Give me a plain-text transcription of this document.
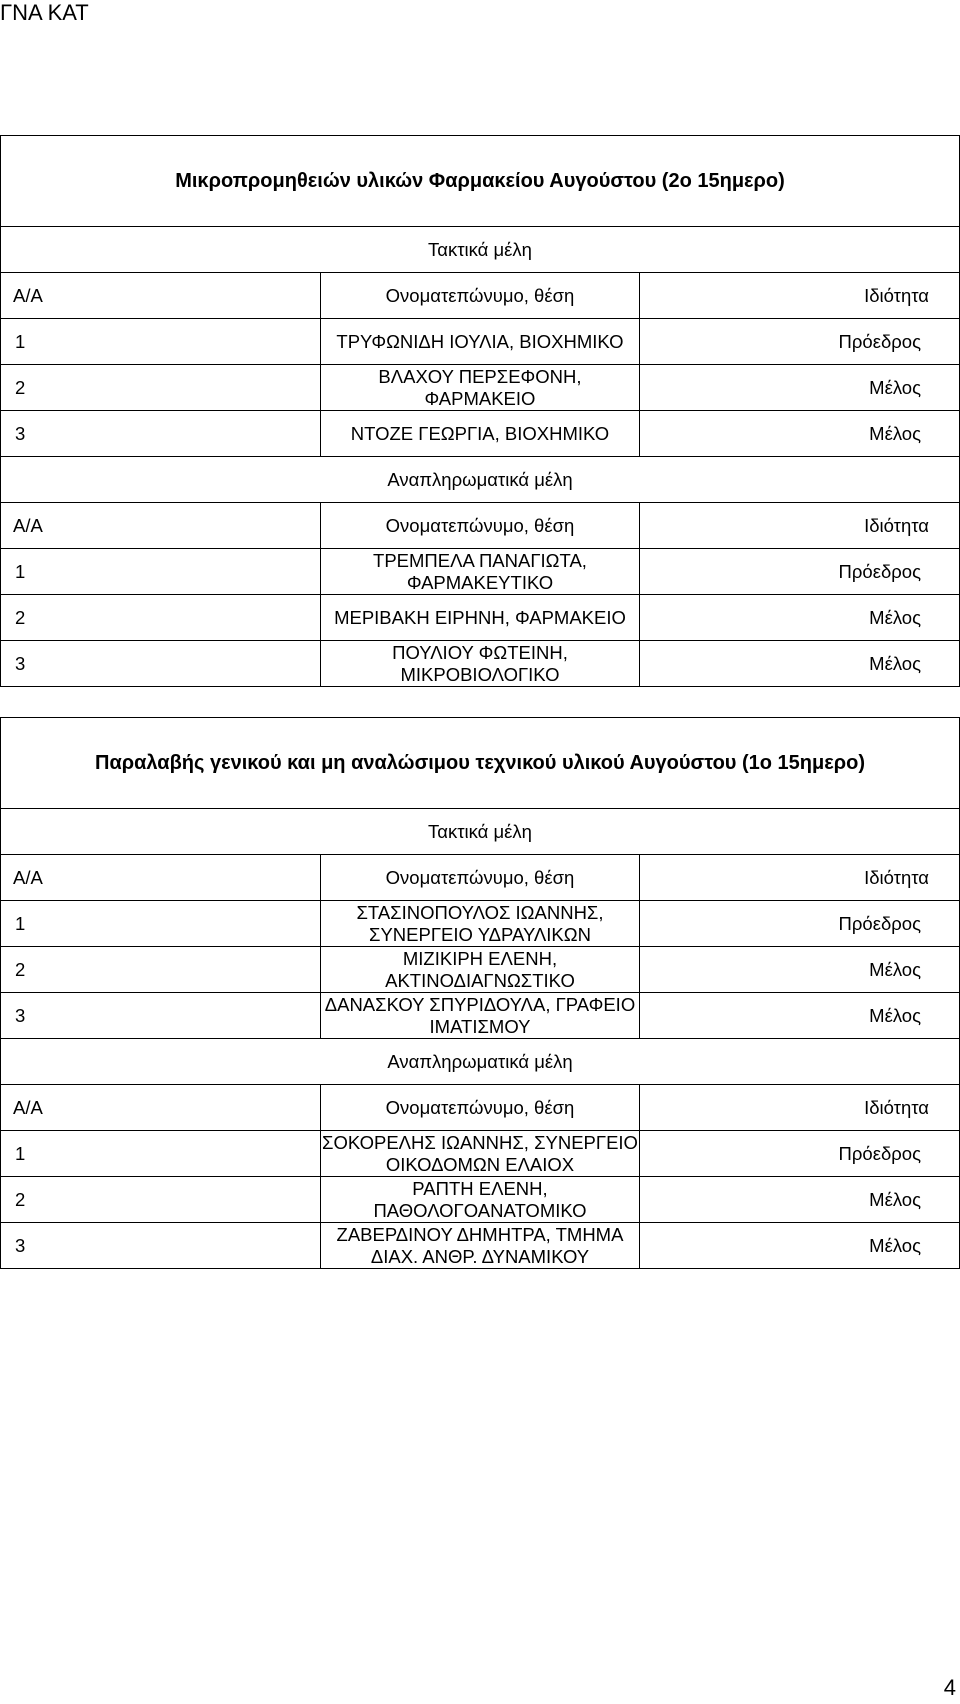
ΓΝΑ ΚΑΤ
Μικροπρομηθειών υλικών Φαρμακείου Αυγούστου (2ο 15ημερο)		
Τακτικά μέλη		
Α/Α	Ονοματεπώνυμο, θέση	Ιδιότητα
1	ΤΡΥΦΩΝΙΔΗ ΙΟΥΛΙΑ, ΒΙΟΧΗΜΙΚΟ	Πρόεδρος
2	ΒΛΑΧΟΥ ΠΕΡΣΕΦΟΝΗ, ΦΑΡΜΑΚΕΙΟ	Μέλος
3	ΝΤΟΖΕ ΓΕΩΡΓΙΑ, ΒΙΟΧΗΜΙΚΟ	Μέλος
Αναπληρωματικά μέλη		
Α/Α	Ονοματεπώνυμο, θέση	Ιδιότητα
1	ΤΡΕΜΠΕΛΑ ΠΑΝΑΓΙΩΤΑ, ΦΑΡΜΑΚΕΥΤΙΚΟ	Πρόεδρος
2	ΜΕΡΙΒΑΚΗ ΕΙΡΗΝΗ, ΦΑΡΜΑΚΕΙΟ	Μέλος
3	ΠΟΥΛΙΟΥ ΦΩΤΕΙΝΗ, ΜΙΚΡΟΒΙΟΛΟΓΙΚΟ	Μέλος
Παραλαβής γενικού και μη αναλώσιμου τεχνικού υλικού Αυγούστου (1ο 15ημερο)		
Τακτικά μέλη		
Α/Α	Ονοματεπώνυμο, θέση	Ιδιότητα
1	ΣΤΑΣΙΝΟΠΟΥΛΟΣ ΙΩΑΝΝΗΣ, ΣΥΝΕΡΓΕΙΟ ΥΔΡΑΥΛΙΚΩΝ	Πρόεδρος
2	ΜΙΖΙΚΙΡΗ ΕΛΕΝΗ, ΑΚΤΙΝΟΔΙΑΓΝΩΣΤΙΚΟ	Μέλος
3	ΔΑΝΑΣΚΟΥ ΣΠΥΡΙΔΟΥΛΑ, ΓΡΑΦΕΙΟ ΙΜΑΤΙΣΜΟΥ	Μέλος
Αναπληρωματικά μέλη		
Α/Α	Ονοματεπώνυμο, θέση	Ιδιότητα
1	ΣΟΚΟΡΕΛΗΣ ΙΩΑΝΝΗΣ, ΣΥΝΕΡΓΕΙΟ ΟΙΚΟΔΟΜΩΝ ΕΛΑΙΟΧ	Πρόεδρος
2	ΡΑΠΤΗ ΕΛΕΝΗ, ΠΑΘΟΛΟΓΟΑΝΑΤΟΜΙΚΟ	Μέλος
3	ΖΑΒΕΡΔΙΝΟΥ ΔΗΜΗΤΡΑ, ΤΜΗΜΑ ΔΙΑΧ. ΑΝΘΡ. ΔΥΝΑΜΙΚΟΥ	Μέλος
4
